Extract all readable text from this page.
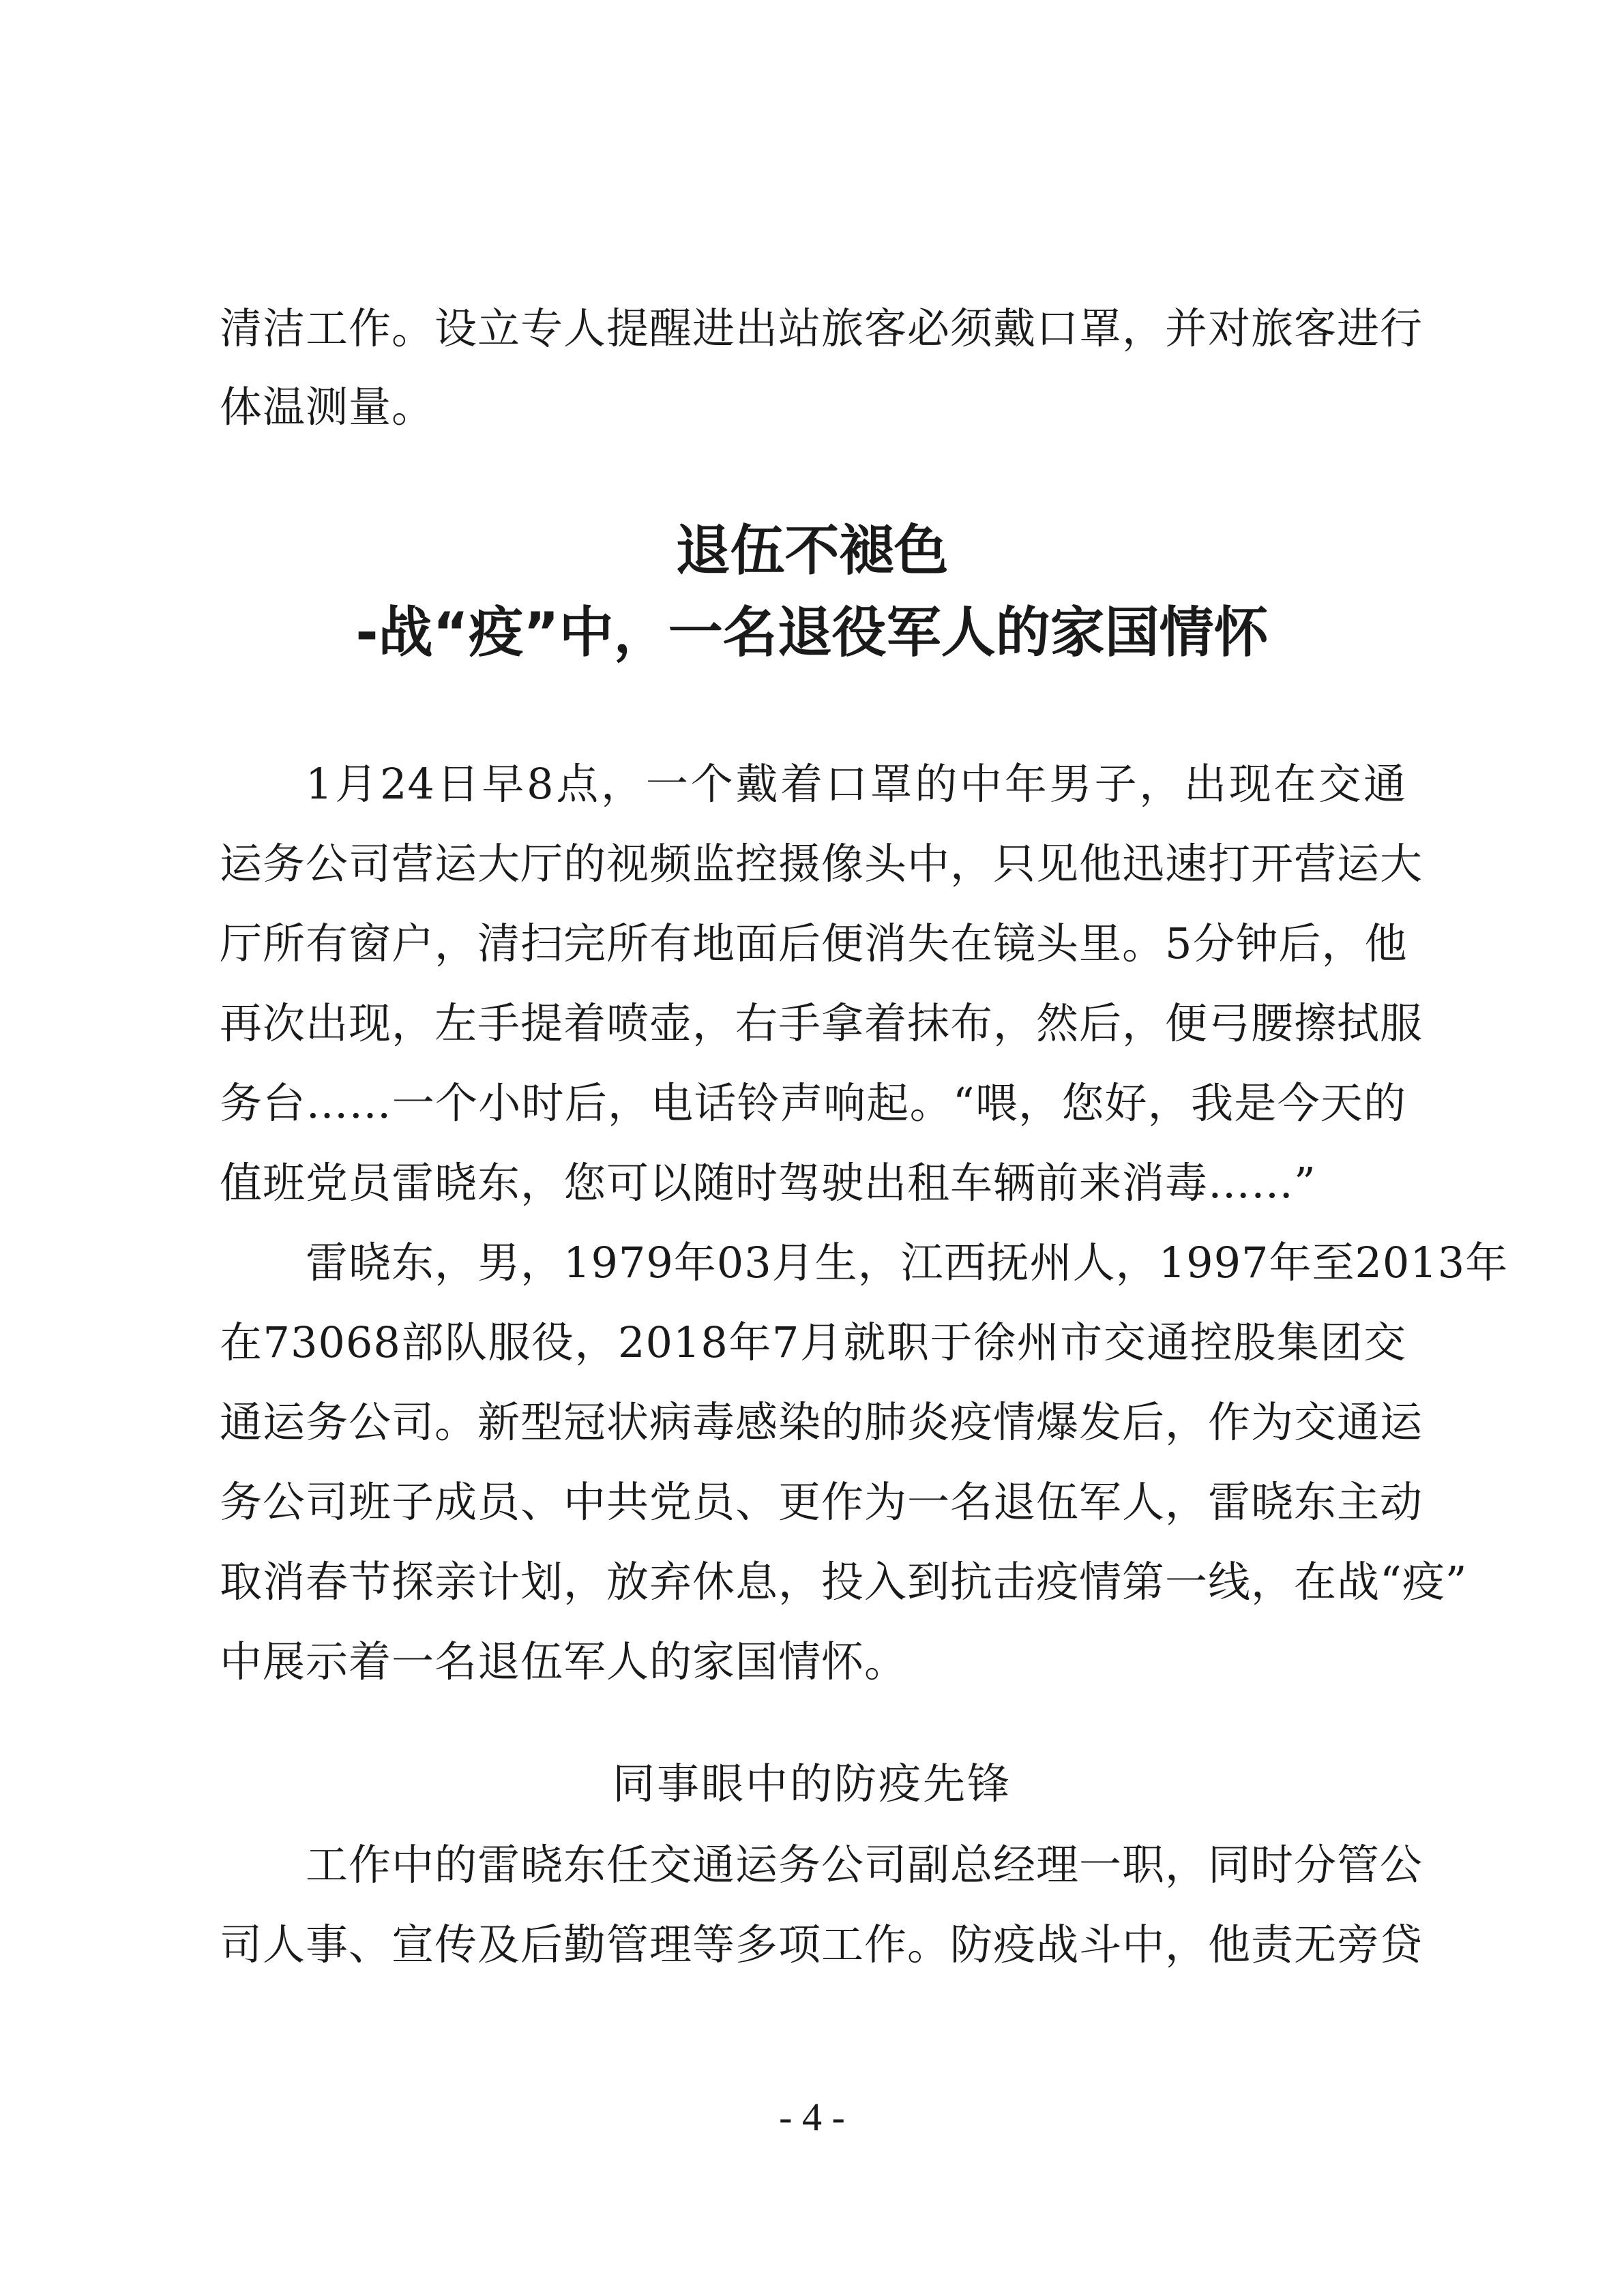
清洁工作。设立专人提醒进出站旅客必须戴口罩，并对旅客进行
体温测量。
退伍不褪色
-战“疫”中，一名退役军人的家国情怀
1月24日早8点，一个戴着口罩的中年男子，出现在交通
运务公司营运大厅的视频监控摄像头中，只见他迅速打开营运大
厅所有窗户，清扫完所有地面后便消失在镜头里。5分钟后，他
再次出现，左手提着喷壶，右手拿着抹布，然后，便弓腰擦拭服
务台……一个小时后，电话铃声响起。“喂，您好，我是今天的
值班党员雷晓东，您可以随时驾驶出租车辆前来消毒……”
雷晓东，男，1979年03月生，江西抚州人，1997年至2013年
在73068部队服役，2018年7月就职于徐州市交通控股集团交
通运务公司。新型冠状病毒感染的肺炎疫情爆发后，作为交通运
务公司班子成员、中共党员、更作为一名退伍军人，雷晓东主动
取消春节探亲计划，放弃休息，投入到抗击疫情第一线，在战“疫”
中展示着一名退伍军人的家国情怀。
同事眼中的防疫先锋
工作中的雷晓东任交通运务公司副总经理一职，同时分管公
司人事、宣传及后勤管理等多项工作。防疫战斗中，他责无旁贷
- 4 -
